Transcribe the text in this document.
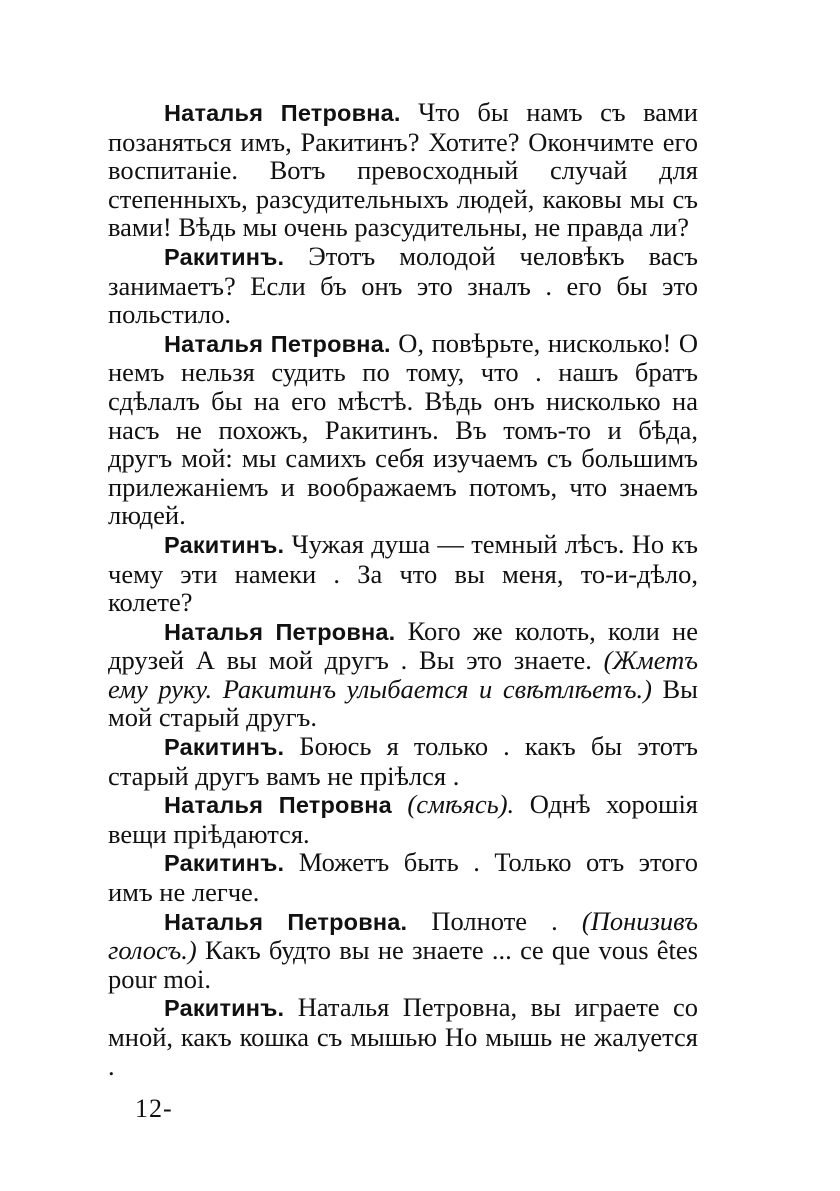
Наталья Петровна. Что бы намъ съ вами позаняться имъ, Ракитинъ? Хотите? Окончимте его воспитаніе. Вотъ превосходный случай для степенныхъ, разсудительныхъ людей, каковы мы съ вами! Вѣдь мы очень разсудительны, не правда ли?

Ракитинъ. Этотъ молодой человѣкъ васъ занимаетъ? Если бъ онъ это зналъ . его бы это польстило.

Наталья Петровна. О, повѣрьте, нисколько! О немъ нельзя судить по тому, что . нашъ братъ сдѣлалъ бы на его мѣстѣ. Вѣдь онъ нисколько на насъ не похожъ, Ракитинъ. Въ томъ-то и бѣда, другъ мой: мы самихъ себя изучаемъ съ большимъ прилежаніемъ и воображаемъ потомъ, что знаемъ людей.

Ракитинъ. Чужая душа — темный лѣсъ. Но къ чему эти намеки . За что вы меня, то-и-дѣло, колете?

Наталья Петровна. Кого же колоть, коли не друзей А вы мой другъ . Вы это знаете. (Жметъ ему руку. Ракитинъ улыбается и свѣтлѣетъ.) Вы мой старый другъ.

Ракитинъ. Боюсь я только . какъ бы этотъ старый другъ вамъ не пріѣлся .

Наталья Петровна (смѣясь). Однѣ хорошія вещи пріѣдаются.

Ракитинъ. Можетъ быть . Только отъ этого имъ не легче.

Наталья Петровна. Полноте . (Понизивъ голосъ.) Какъ будто вы не знаете ... ce que vous êtes pour moi.

Ракитинъ. Наталья Петровна, вы играете со мной, какъ кошка съ мышью Но мышь не жалуется .

12-
